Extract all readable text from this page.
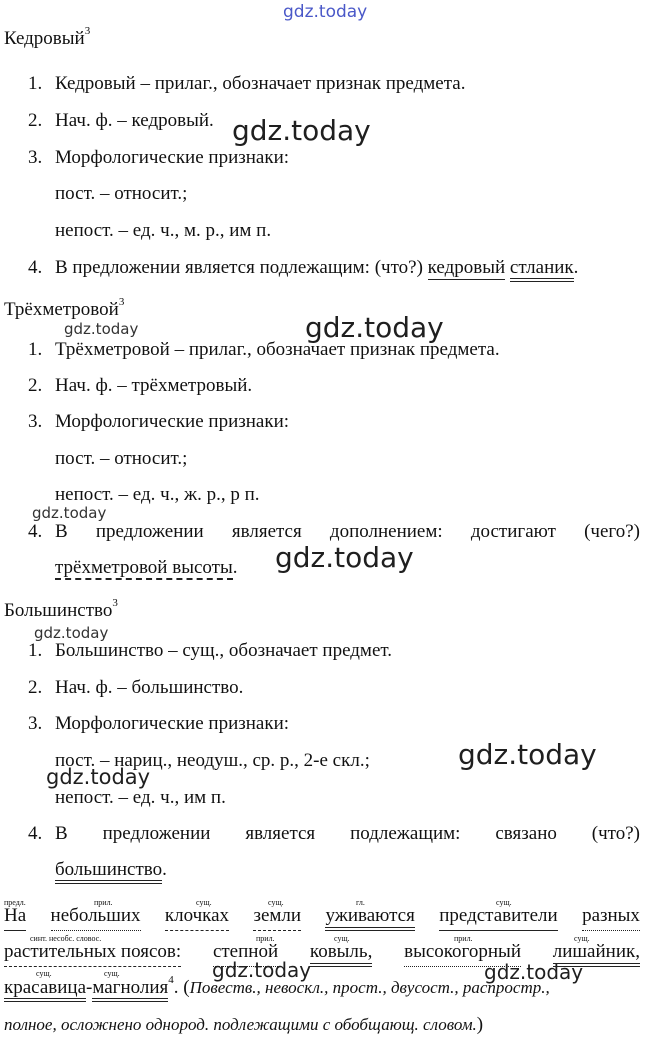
gdz.today
gdz.today
gdz.today
gdz.today
gdz.today
gdz.today
gdz.today
gdz.today
gdz.today
gdz.today	gdz.today
Кедровый$^3$
1. Кедровый – прилаг., обозначает признак предмета.
2. Нач. ф. – кедровый.
3. Морфологические признаки:
пост. – относит.;
непост. – ед. ч., м. р., им п.
4. В предложении является подлежащим: (что?) кедровый стланик.
Трёхметровой$^3$
1. Трёхметровой – прилаг., обозначает признак предмета.
2. Нач. ф. – трёхметровый.
3. Морфологические признаки:
пост. – относит.;
непост. – ед. ч., ж. р., р п.
4. В предложении является дополнением: достигают (чего?)
трёхметровой высоты.
Большинство$^3$
1. Большинство – сущ., обозначает предмет.
2. Нач. ф. – большинство.
3. Морфологические признаки:
пост. – нариц., неодуш., ср. р., 2-е скл.;
непост. – ед. ч., им п.
4. В предложении является подлежащим: связано (что?)
большинство.
предл.	прил.	сущ.	сущ.	гл.	сущ.
На небольших клочках земли уживаются представители разных
синт. несобс. словос.	прил.	сущ.	прил.	сущ.
растительных поясов: степной ковыль, высокогорный лишайник,
сущ.	сущ.
красавица-магнолия$^4$. (Повеств., невоскл., прост., двусост., распростр.,
полное, осложнено однород. подлежащими с обобщающ. словом.)
